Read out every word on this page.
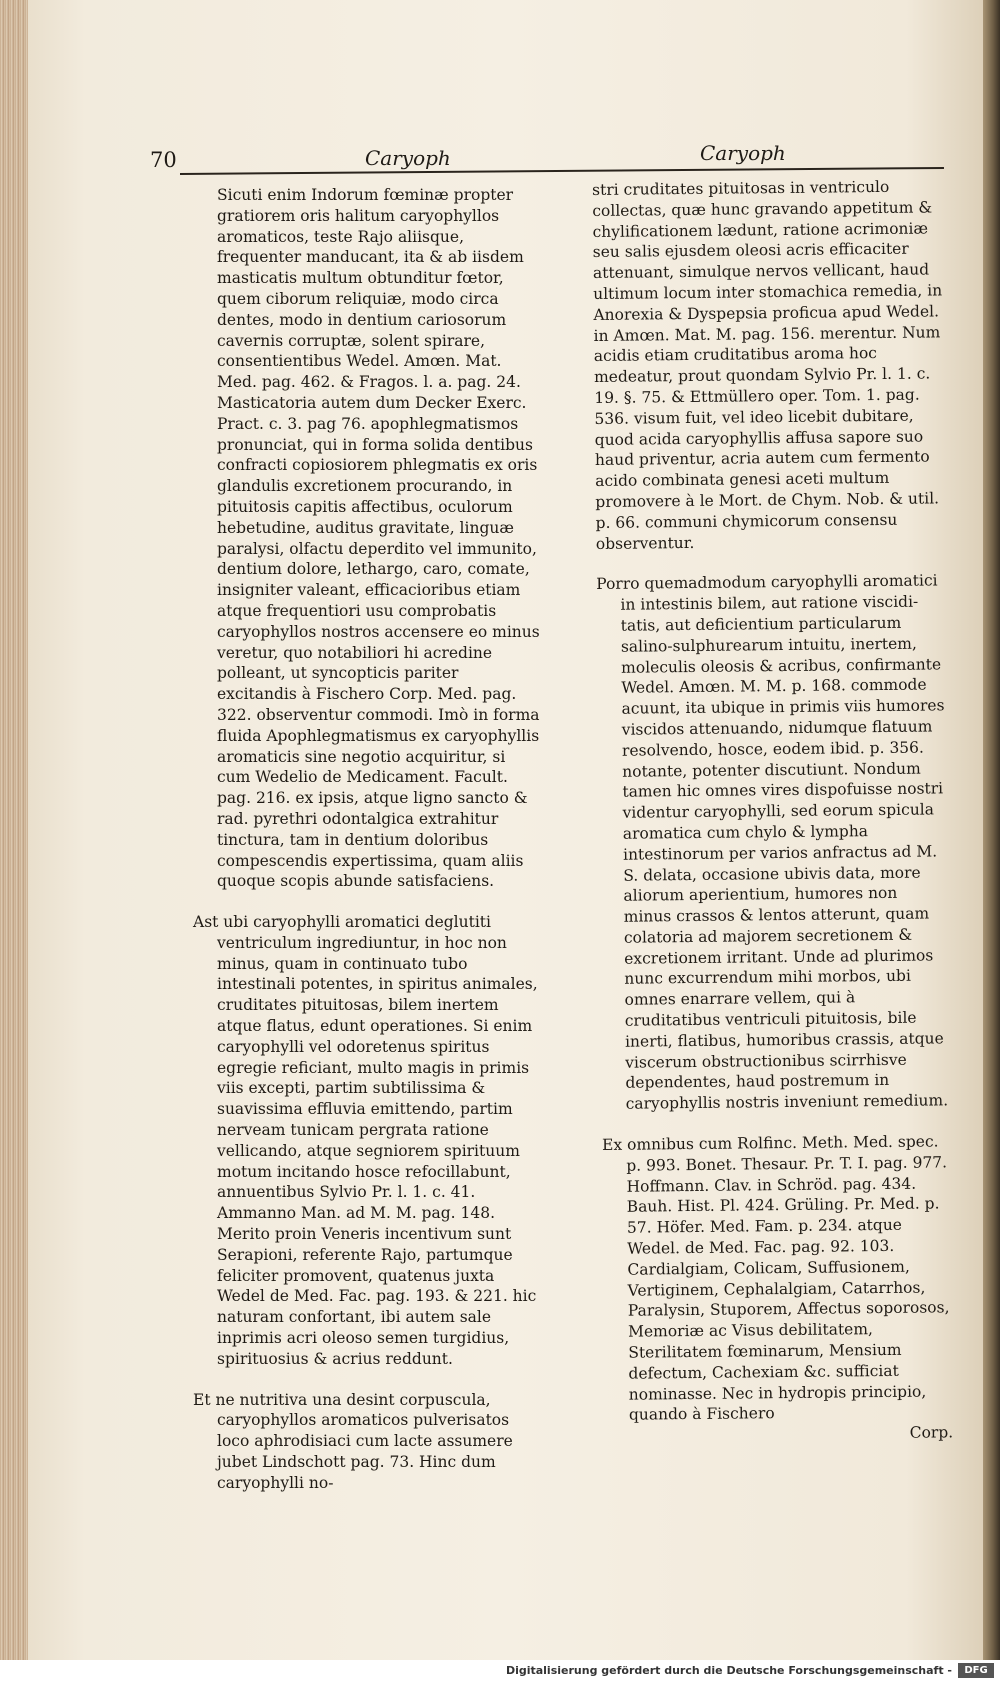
70	Caryoph	Caryoph

Sicuti enim Indorum fœminæ propter gratiorem oris halitum caryophyllos aromaticos, teste Rajo aliisque, frequenter manducant, ita & ab iisdem masticatis multum obtunditur fœtor, quem ciborum reliquiæ, modo circa dentes, modo in dentium cariosorum cavernis corruptæ, solent spirare, consentientibus Wedel. Amœn. Mat. Med. pag. 462. & Fragos. l. a. pag. 24. Masticatoria autem dum Decker Exerc. Pract. c. 3. pag 76. apophlegmatismos pronunciat, qui in forma solida dentibus confracti copiosiorem phlegmatis ex oris glandulis excretionem procurando, in pituitosis capitis affectibus, oculorum hebetudine, auditus gravitate, linguæ paralysi, olfactu deperdito vel immunito, dentium dolore, lethargo, caro, comate, insigniter valeant, efficacioribus etiam atque frequentiori usu comprobatis caryophyllos nostros accensere eo minus veretur, quo notabiliori hi acredine polleant, ut syncopticis pariter excitandis à Fischero Corp. Med. pag. 322. observentur commodi. Imò in forma fluida Apophlegmatismus ex caryophyllis aromaticis sine negotio acquiritur, si cum Wedelio de Medicament. Facult. pag. 216. ex ipsis, atque ligno sancto & rad. pyrethri odontalgica extrahitur tinctura, tam in dentium doloribus compescendis expertissima, quam aliis quoque scopis abunde satisfaciens.

Ast ubi caryophylli aromatici deglutiti ventriculum ingrediuntur, in hoc non minus, quam in continuato tubo intestinali potentes, in spiritus animales, cruditates pituitosas, bilem inertem atque flatus, edunt operationes. Si enim caryophylli vel odoretenus spiritus egregie reficiant, multo magis in primis viis excepti, partim subtilissima & suavissima effluvia emittendo, partim nerveam tunicam pergrata ratione vellicando, atque segniorem spirituum motum incitando hosce refocillabunt, annuentibus Sylvio Pr. l. 1. c. 41. Ammanno Man. ad M. M. pag. 148. Merito proin Veneris incentivum sunt Serapioni, referente Rajo, partumque feliciter promovent, quatenus juxta Wedel de Med. Fac. pag. 193. & 221. hic naturam confortant, ibi autem sale inprimis acri oleoso semen turgidius, spirituosius & acrius reddunt.

Et ne nutritiva una desint corpuscula, caryophyllos aromaticos pulverisatos loco aphrodisiaci cum lacte assumere jubet Lindschott pag. 73. Hinc dum caryophylli no-

stri cruditates pituitosas in ventriculo collectas, quæ hunc gravando appetitum & chylificationem lædunt, ratione acrimoniæ seu salis ejusdem oleosi acris efficaciter attenuant, simulque nervos vellicant, haud ultimum locum inter stomachica remedia, in Anorexia & Dyspepsia proficua apud Wedel. in Amœn. Mat. M. pag. 156. merentur. Num acidis etiam cruditatibus aroma hoc medeatur, prout quondam Sylvio Pr. l. 1. c. 19. §. 75. & Ettmüllero oper. Tom. 1. pag. 536. visum fuit, vel ideo licebit dubitare, quod acida caryophyllis affusa sapore suo haud priventur, acria autem cum fermento acido combinata genesi aceti multum promovere à le Mort. de Chym. Nob. & util. p. 66. communi chymicorum consensu observentur.

Porro quemadmodum caryophylli aromatici in intestinis bilem, aut ratione viscidi-tatis, aut deficientium particularum salino-sulphurearum intuitu, inertem, moleculis oleosis & acribus, confirmante Wedel. Amœn. M. M. p. 168. commode acuunt, ita ubique in primis viis humores viscidos attenuando, nidumque flatuum resolvendo, hosce, eodem ibid. p. 356. notante, potenter discutiunt. Nondum tamen hic omnes vires dispofuisse nostri videntur caryophylli, sed eorum spicula aromatica cum chylo & lympha intestinorum per varios anfractus ad M. S. delata, occasione ubivis data, more aliorum aperientium, humores non minus crassos & lentos atterunt, quam colatoria ad majorem secretionem & excretionem irritant. Unde ad plurimos nunc excurrendum mihi morbos, ubi omnes enarrare vellem, qui à cruditatibus ventriculi pituitosis, bile inerti, flatibus, humoribus crassis, atque viscerum obstructionibus scirrhisve dependentes, haud postremum in caryophyllis nostris inveniunt remedium.

Ex omnibus cum Rolfinc. Meth. Med. spec. p. 993. Bonet. Thesaur. Pr. T. I. pag. 977. Hoffmann. Clav. in Schröd. pag. 434. Bauh. Hist. Pl. 424. Grüling. Pr. Med. p. 57. Höfer. Med. Fam. p. 234. atque Wedel. de Med. Fac. pag. 92. 103. Cardialgiam, Colicam, Suffusionem, Vertiginem, Cephalalgiam, Catarrhos, Paralysin, Stuporem, Affectus soporosos, Memoriæ ac Visus debilitatem, Sterilitatem fœminarum, Mensium defectum, Cachexiam &c. sufficiat nominasse. Nec in hydropis principio, quando à Fischero

Corp.
Digitalisierung gefördert durch die Deutsche Forschungsgemeinschaft -	DFG
